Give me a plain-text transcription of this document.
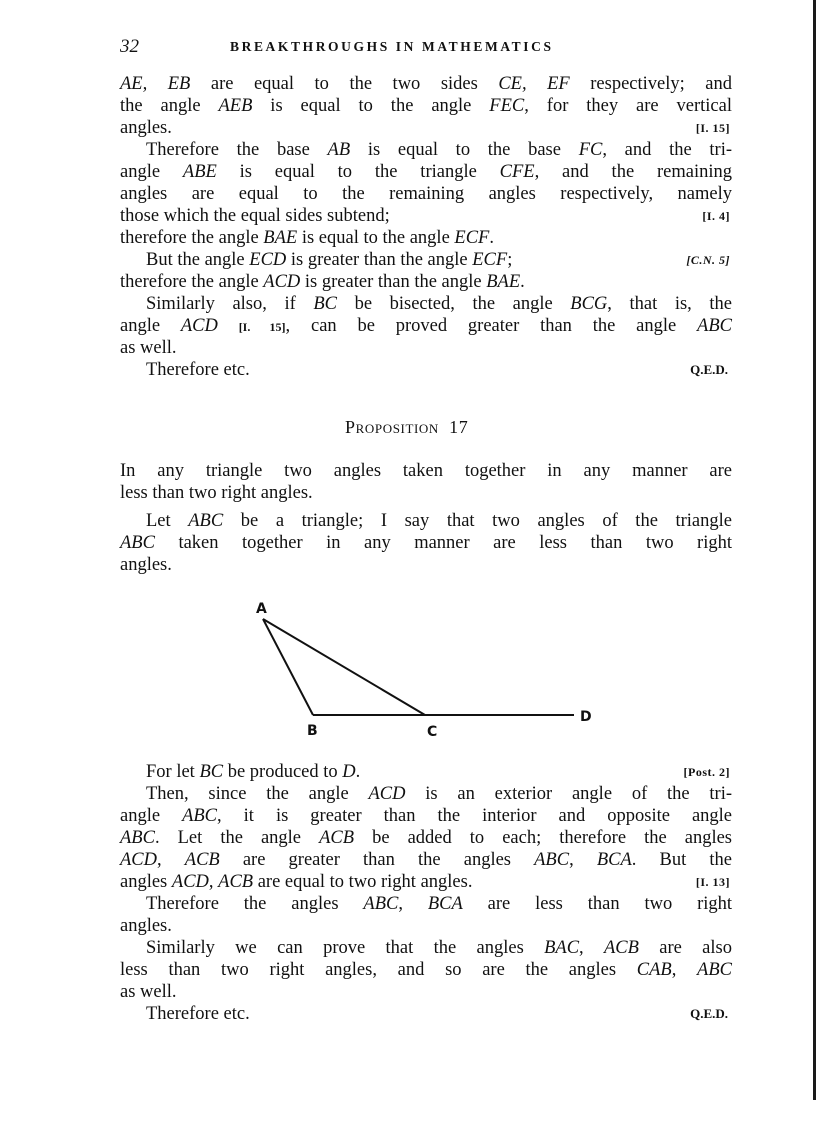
32	BREAKTHROUGHS IN MATHEMATICS
AE, EB are equal to the two sides CE, EF respectively; and
the angle AEB is equal to the angle FEC, for they are vertical
angles.	[I. 15]
Therefore the base AB is equal to the base FC, and the tri-
angle ABE is equal to the triangle CFE, and the remaining
angles are equal to the remaining angles respectively, namely
those which the equal sides subtend;	[I. 4]
therefore the angle BAE is equal to the angle ECF.
But the angle ECD is greater than the angle ECF;	[C.N. 5]
therefore the angle ACD is greater than the angle BAE.
Similarly also, if BC be bisected, the angle BCG, that is, the
angle ACD [I. 15], can be proved greater than the angle ABC
as well.
Therefore etc.	Q.E.D.
Proposition 17
In any triangle two angles taken together in any manner are
less than two right angles.
Let ABC be a triangle; I say that two angles of the triangle
ABC taken together in any manner are less than two right
angles.
A
B	C
D
For let BC be produced to D.	[Post. 2]
Then, since the angle ACD is an exterior angle of the tri-
angle ABC, it is greater than the interior and opposite angle
ABC. Let the angle ACB be added to each; therefore the angles
ACD, ACB are greater than the angles ABC, BCA. But the
angles ACD, ACB are equal to two right angles.	[I. 13]
Therefore the angles ABC, BCA are less than two right
angles.
Similarly we can prove that the angles BAC, ACB are also
less than two right angles, and so are the angles CAB, ABC
as well.
Therefore etc.	Q.E.D.
